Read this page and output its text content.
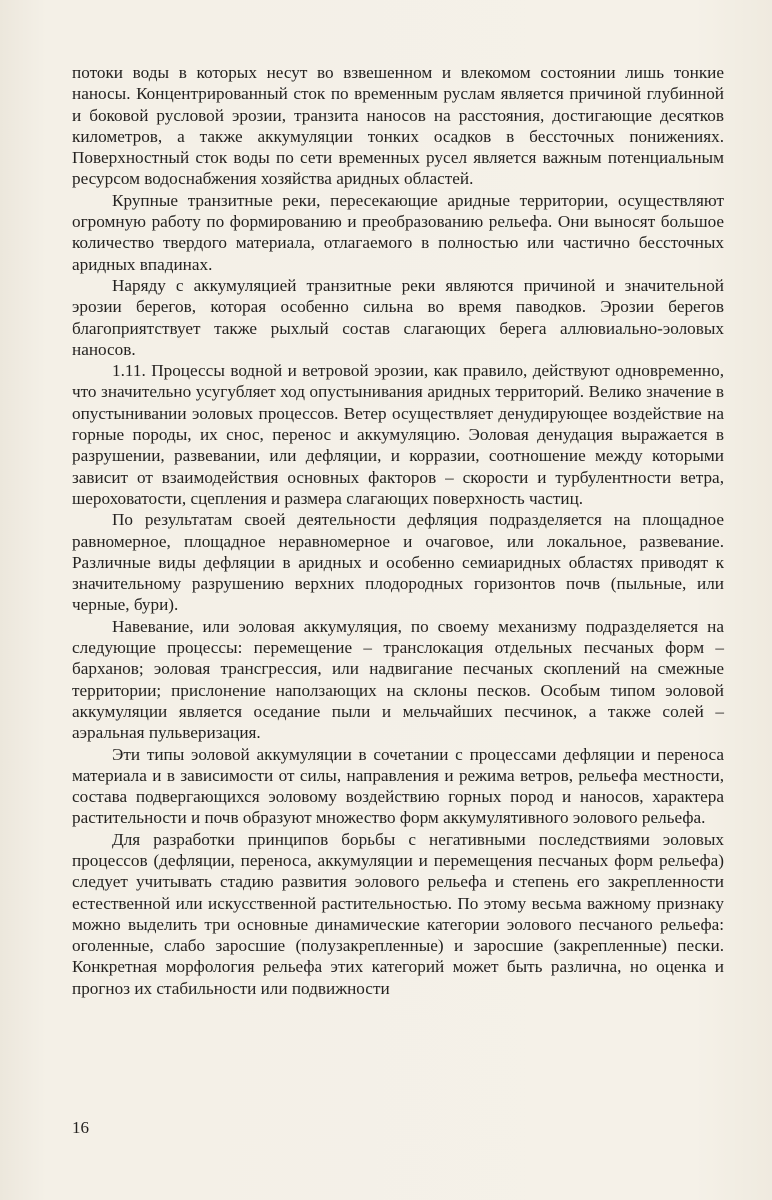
потоки воды в которых несут во взвешенном и влекомом состоянии лишь тонкие наносы. Концентрированный сток по временным руслам является причиной глубинной и боковой русловой эрозии, транзита наносов на расстояния, достигающие десятков километров, а также аккумуляции тонких осадков в бессточных понижениях. Поверхностный сток воды по сети временных русел является важным потенциальным ресурсом водоснабжения хозяйства аридных областей.

Крупные транзитные реки, пересекающие аридные территории, осуществляют огромную работу по формированию и преобразованию рельефа. Они выносят большое количество твердого материала, отлагаемого в полностью или частично бессточных аридных впадинах.

Наряду с аккумуляцией транзитные реки являются причиной и значительной эрозии берегов, которая особенно сильна во время паводков. Эрозии берегов благоприятствует также рыхлый состав слагающих берега аллювиально-эоловых наносов.

1.11. Процессы водной и ветровой эрозии, как правило, действуют одновременно, что значительно усугубляет ход опустынивания аридных территорий. Велико значение в опустынивании эоловых процессов. Ветер осуществляет денудирующее воздействие на горные породы, их снос, перенос и аккумуляцию. Эоловая денудация выражается в разрушении, развевании, или дефляции, и корразии, соотношение между которыми зависит от взаимодействия основных факторов – скорости и турбулентности ветра, шероховатости, сцепления и размера слагающих поверхность частиц.

По результатам своей деятельности дефляция подразделяется на площадное равномерное, площадное неравномерное и очаговое, или локальное, развевание. Различные виды дефляции в аридных и особенно семиаридных областях приводят к значительному разрушению верхних плодородных горизонтов почв (пыльные, или черные, бури).

Навевание, или эоловая аккумуляция, по своему механизму подразделяется на следующие процессы: перемещение – транслокация отдельных песчаных форм – барханов; эоловая трансгрессия, или надвигание песчаных скоплений на смежные территории; прислонение наползающих на склоны песков. Особым типом эоловой аккумуляции является оседание пыли и мельчайших песчинок, а также солей – аэральная пульверизация.

Эти типы эоловой аккумуляции в сочетании с процессами дефляции и переноса материала и в зависимости от силы, направления и режима ветров, рельефа местности, состава подвергающихся эоловому воздействию горных пород и наносов, характера растительности и почв образуют множество форм аккумулятивного эолового рельефа.

Для разработки принципов борьбы с негативными последствиями эоловых процессов (дефляции, переноса, аккумуляции и перемещения песчаных форм рельефа) следует учитывать стадию развития эолового рельефа и степень его закрепленности естественной или искусственной растительностью. По этому весьма важному признаку можно выделить три основные динамические категории эолового песчаного рельефа: оголенные, слабо заросшие (полузакрепленные) и заросшие (закрепленные) пески. Конкретная морфология рельефа этих категорий может быть различна, но оценка и прогноз их стабильности или подвижности

16
